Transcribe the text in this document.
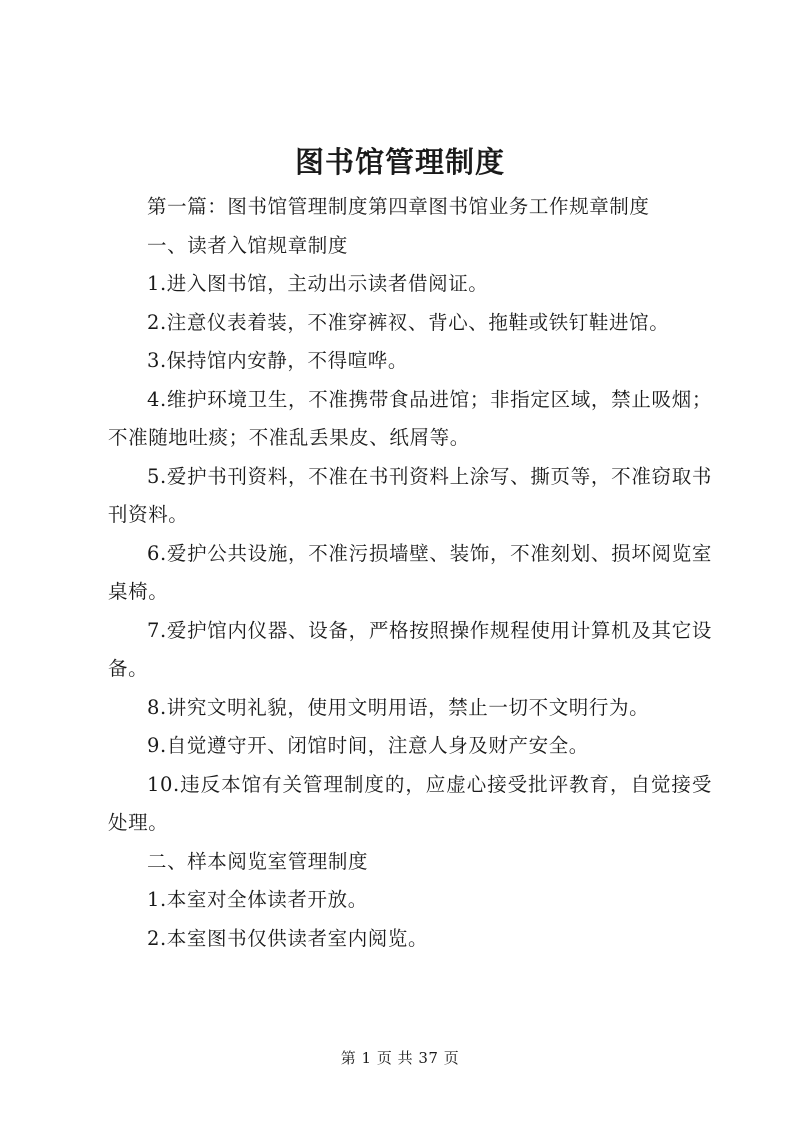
图书馆管理制度

第一篇：图书馆管理制度第四章图书馆业务工作规章制度

一、读者入馆规章制度

1.进入图书馆，主动出示读者借阅证。

2.注意仪表着装，不准穿裤衩、背心、拖鞋或铁钉鞋进馆。

3.保持馆内安静，不得喧哗。

4.维护环境卫生，不准携带食品进馆；非指定区域，禁止吸烟；不准随地吐痰；不准乱丢果皮、纸屑等。

5.爱护书刊资料，不准在书刊资料上涂写、撕页等，不准窃取书刊资料。

6.爱护公共设施，不准污损墙壁、装饰，不准刻划、损坏阅览室桌椅。

7.爱护馆内仪器、设备，严格按照操作规程使用计算机及其它设备。

8.讲究文明礼貌，使用文明用语，禁止一切不文明行为。

9.自觉遵守开、闭馆时间，注意人身及财产安全。

10.违反本馆有关管理制度的，应虚心接受批评教育，自觉接受处理。

二、样本阅览室管理制度

1.本室对全体读者开放。

2.本室图书仅供读者室内阅览。

第 1 页 共 37 页
